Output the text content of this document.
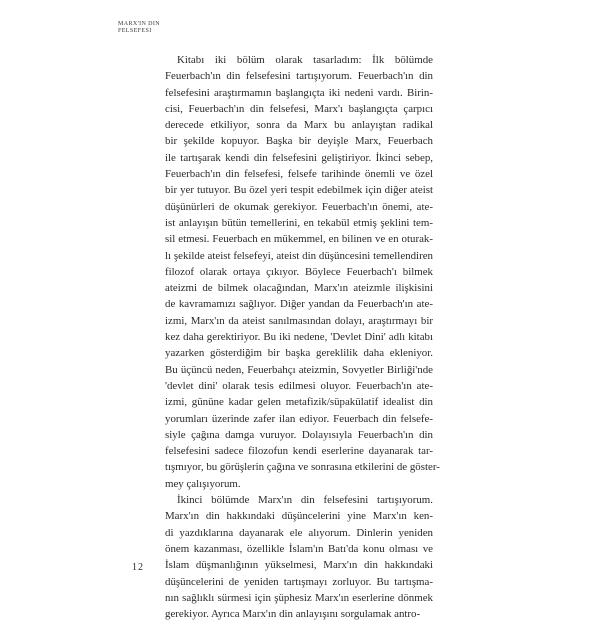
MARX'IN DIN
FELSEFESI
Kitabı iki bölüm olarak tasarladım: İlk bölümde
Feuerbach'ın din felsefesini tartışıyorum. Feuerbach'ın din
felsefesini araştırmamın başlangıçta iki nedeni vardı. Birin-
cisi, Feuerbach'ın din felsefesi, Marx'ı başlangıçta çarpıcı
derecede etkiliyor, sonra da Marx bu anlayıştan radikal
bir şekilde kopuyor. Başka bir deyişle Marx, Feuerbach
ile tartışarak kendi din felsefesini geliştiriyor. İkinci sebep,
Feuerbach'ın din felsefesi, felsefe tarihinde önemli ve özel
bir yer tutuyor. Bu özel yeri tespit edebilmek için diğer ateist
düşünürleri de okumak gerekiyor. Feuerbach'ın önemi, ate-
ist anlayışın bütün temellerini, en tekabül etmiş şeklini tem-
sil etmesi. Feuerbach en mükemmel, en bilinen ve en oturak-
lı şekilde ateist felsefeyi, ateist din düşüncesini temellendiren
filozof olarak ortaya çıkıyor. Böylece Feuerbach'ı bilmek
ateizmi de bilmek olacağından, Marx'ın ateizmle ilişkisini
de kavramamızı sağlıyor. Diğer yandan da Feuerbach'ın ate-
izmi, Marx'ın da ateist sanılmasından dolayı, araştırmayı bir
kez daha gerektiriyor. Bu iki nedene, 'Devlet Dini' adlı kitabı
yazarken gösterdiğim bir başka gereklilik daha ekleniyor.
Bu üçüncü neden, Feuerbahçı ateizmin, Sovyetler Birliği'nde
'devlet dini' olarak tesis edilmesi oluyor. Feuerbach'ın ate-
izmi, gününe kadar gelen metafizik/süpakülatif idealist din
yorumları üzerinde zafer ilan ediyor. Feuerbach din felsefe-
siyle çağına damga vuruyor. Dolayısıyla Feuerbach'ın din
felsefesini sadece filozofun kendi eserlerine dayanarak tar-
tışmıyor, bu görüşlerin çağına ve sonrasına etkilerini de göster-
mey çalışıyorum.
İkinci bölümde Marx'ın din felsefesini tartışıyorum.
Marx'ın din hakkındaki düşüncelerini yine Marx'ın ken-
di yazdıklarına dayanarak ele alıyorum. Dinlerin yeniden
önem kazanması, özellikle İslam'ın Batı'da konu olması ve
İslam düşmanlığının yükselmesi, Marx'ın din hakkındaki
düşüncelerini de yeniden tartışmayı zorluyor. Bu tartışma-
nın sağlıklı sürmesi için şüphesiz Marx'ın eserlerine dönmek
gerekiyor. Ayrıca Marx'ın din anlayışını sorgulamak antro-
12
